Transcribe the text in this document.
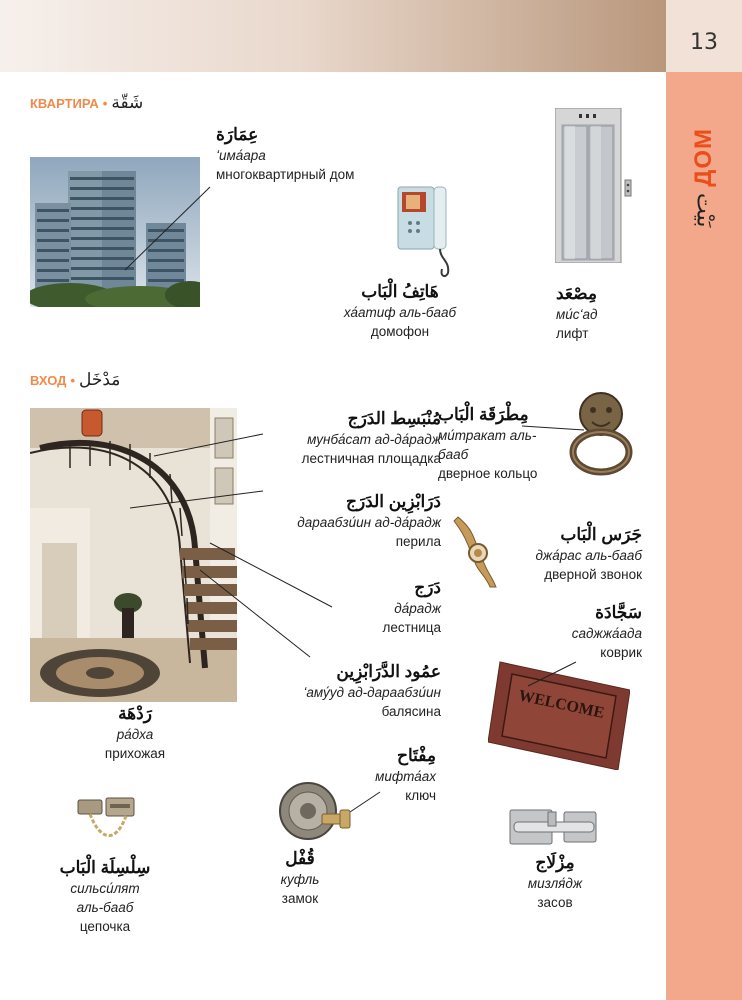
13
ДОМ
بَيْت
КВАРТИРА • شَقّة
ВХОД • مَدْخَل
عِمَارَة
ʻима́ара
многоквартирный дом
هَاتِفُ الْبَاب
ха́атиф аль-бааб
домофон
مِصْعَد
ми́сʻад
лифт
مُنْبَسِط الدَرَج
мунба́сат ад-да́радж
лестничная площадка
دَرَابْزِين الدَرَج
дараабзи́ин ад-да́радж
перила
دَرَج
да́радж
лестница
عمُود الدَّرَابْزِين
ʻаму́уд ад-дараабзи́ин
балясина
رَدْهَة
ра́дха
прихожая
مِطْرَقَة الْبَاب
ми́тракат аль-
бааб
дверное кольцо
جَرَس الْبَاب
джа́рас аль-бааб
дверной звонок
سَجَّادَة
саджжа́ада
коврик
WELCOME
مِفْتَاح
мифта́ах
ключ
قُفْل
куфль
замок
سِلْسِلَة الْبَاب
сильси́лят
аль-бааб
цепочка
مِزْلَاج
мизля́дж
засов
